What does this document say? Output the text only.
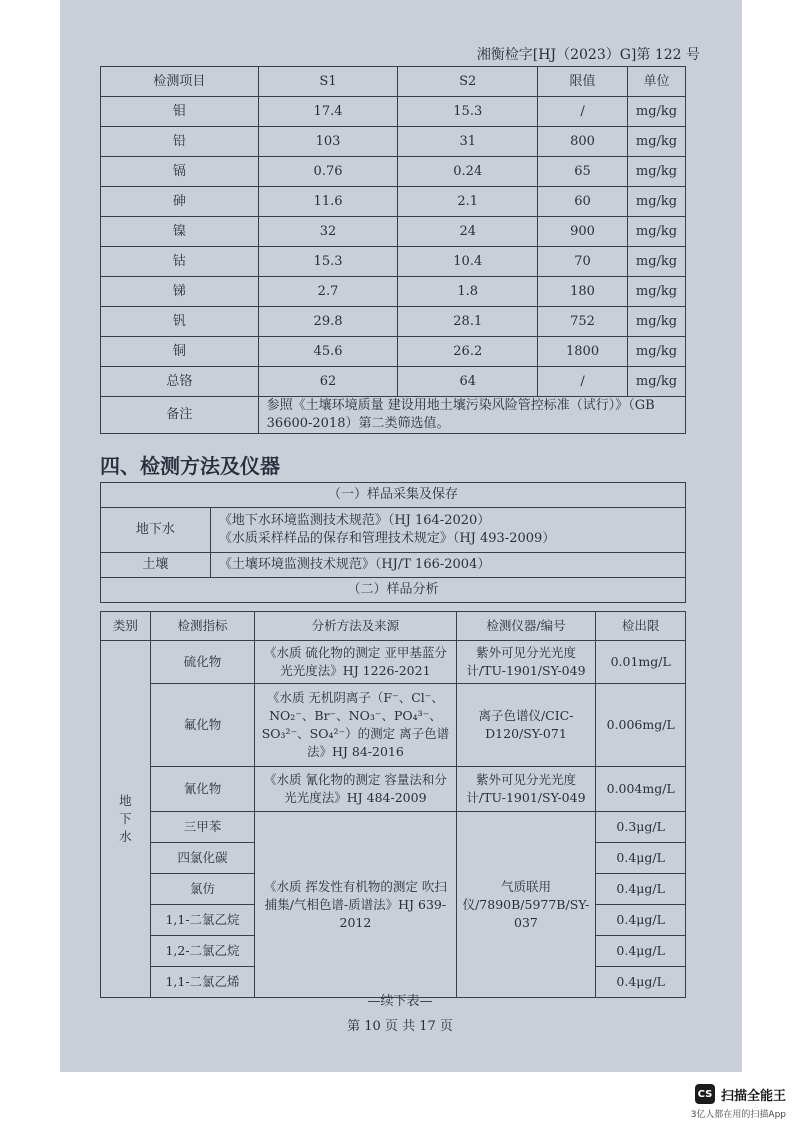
湘衡检字[HJ（2023）G]第 122 号
检测项目	S1	S2	限值	单位
钼	17.4	15.3	/	mg/kg
铅	103	31	800	mg/kg
镉	0.76	0.24	65	mg/kg
砷	11.6	2.1	60	mg/kg
镍	32	24	900	mg/kg
钴	15.3	10.4	70	mg/kg
锑	2.7	1.8	180	mg/kg
钒	29.8	28.1	752	mg/kg
铜	45.6	26.2	1800	mg/kg
总铬	62	64	/	mg/kg
备注	参照《土壤环境质量 建设用地土壤污染风险管控标准（试行）》（GB 36600-2018）第二类筛选值。			
四、检测方法及仪器
（一）样品采集及保存	
地下水	《地下水环境监测技术规范》（HJ 164-2020）
《水质采样样品的保存和管理技术规定》（HJ 493-2009）

土壤	《土壤环境监测技术规范》（HJ/T 166-2004）

（二）样品分析	
类别	检测指标	分析方法及来源	检测仪器/编号	检出限
地下水	硫化物	《水质 硫化物的测定 亚甲基蓝分光光度法》HJ 1226-2021	紫外可见分光光度计/TU-1901/SY-049	0.01mg/L
	氟化物	《水质 无机阴离子（F⁻、Cl⁻、NO₂⁻、Br⁻、NO₃⁻、PO₄³⁻、SO₃²⁻、SO₄²⁻）的测定 离子色谱法》HJ 84-2016	离子色谱仪/CIC-D120/SY-071	0.006mg/L
	氰化物	《水质 氰化物的测定 容量法和分光光度法》HJ 484-2009	紫外可见分光光度计/TU-1901/SY-049	0.004mg/L
	三甲苯	《水质 挥发性有机物的测定 吹扫捕集/气相色谱-质谱法》HJ 639-2012	气质联用仪/7890B/5977B/SY-037	0.3μg/L
	四氯化碳			0.4μg/L
	氯仿			0.4μg/L
	1,1-二氯乙烷			0.4μg/L
	1,2-二氯乙烷			0.4μg/L
	1,1-二氯乙烯			0.4μg/L
—续下表—
第 10 页 共 17 页
CS 扫描全能王
3亿人都在用的扫描App
